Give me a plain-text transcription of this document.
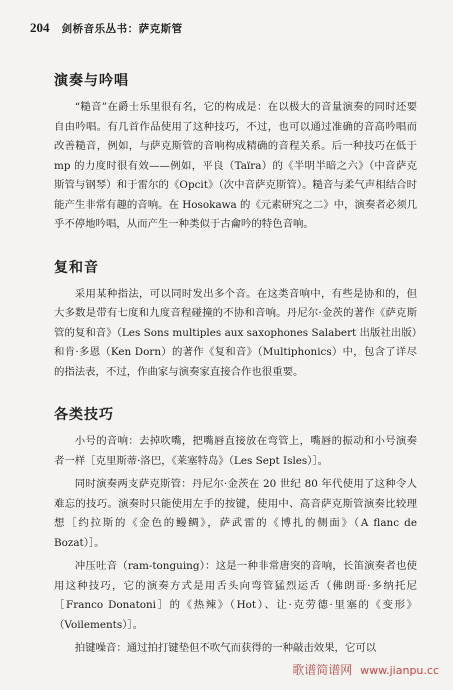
204 剑桥音乐丛书：萨克斯管
演奏与吟唱

“糙音”在爵士乐里很有名，它的构成是：在以极大的音量演奏的同时还要自由吟唱。有几首作品使用了这种技巧，不过，也可以通过准确的音高吟唱而改善糙音，例如，与萨克斯管的音响构成精确的音程关系。后一种技巧在低于 mp 的力度时很有效——例如，平良（Taïra）的《半明半暗之六》（中音萨克斯管与钢琴）和于雷尔的《Opcit》（次中音萨克斯管）。糙音与柔气声相结合时能产生非常有趣的音响。在 Hosokawa 的《元素研究之二》中，演奏者必须几乎不停地吟唱，从而产生一种类似于古龠吟的特色音响。

复和音

采用某种指法，可以同时发出多个音。在这类音响中，有些是协和的，但大多数是带有七度和九度音程碰撞的不协和音响。丹尼尔·金茨的著作《萨克斯管的复和音》（Les Sons multiples aux saxophones Salabert 出版社出版）和肯·多恩（Ken Dorn）的著作《复和音》（Multiphonics）中，包含了详尽的指法表，不过，作曲家与演奏家直接合作也很重要。

各类技巧

小号的音响：去掉吹嘴，把嘴唇直接放在弯管上，嘴唇的振动和小号演奏者一样［克里斯蒂·洛巴，《莱塞特岛》（Les Sept Isles）］。

同时演奏两支萨克斯管：丹尼尔·金茨在 20 世纪 80 年代使用了这种令人难忘的技巧。演奏时只能使用左手的按键，使用中、高音萨克斯管演奏比较理想［约拉斯的《金色的鳗鲷》，萨武雷的《博扎的侧面》（A flanc de Bozat）］。

冲压吐音（ram-tonguing）：这是一种非常唐突的音响，长笛演奏者也使用这种技巧，它的演奏方式是用舌头向弯管猛烈运舌（佛朗哥·多纳托尼［Franco Donatoni］的《热辣》（Hot）、让·克劳德·里塞的《变形》（Voilements）］。

拍键噪音：通过拍打键垫但不吹气而获得的一种敲击效果，它可以

歌谱简谱网 www.jianpu.cc
